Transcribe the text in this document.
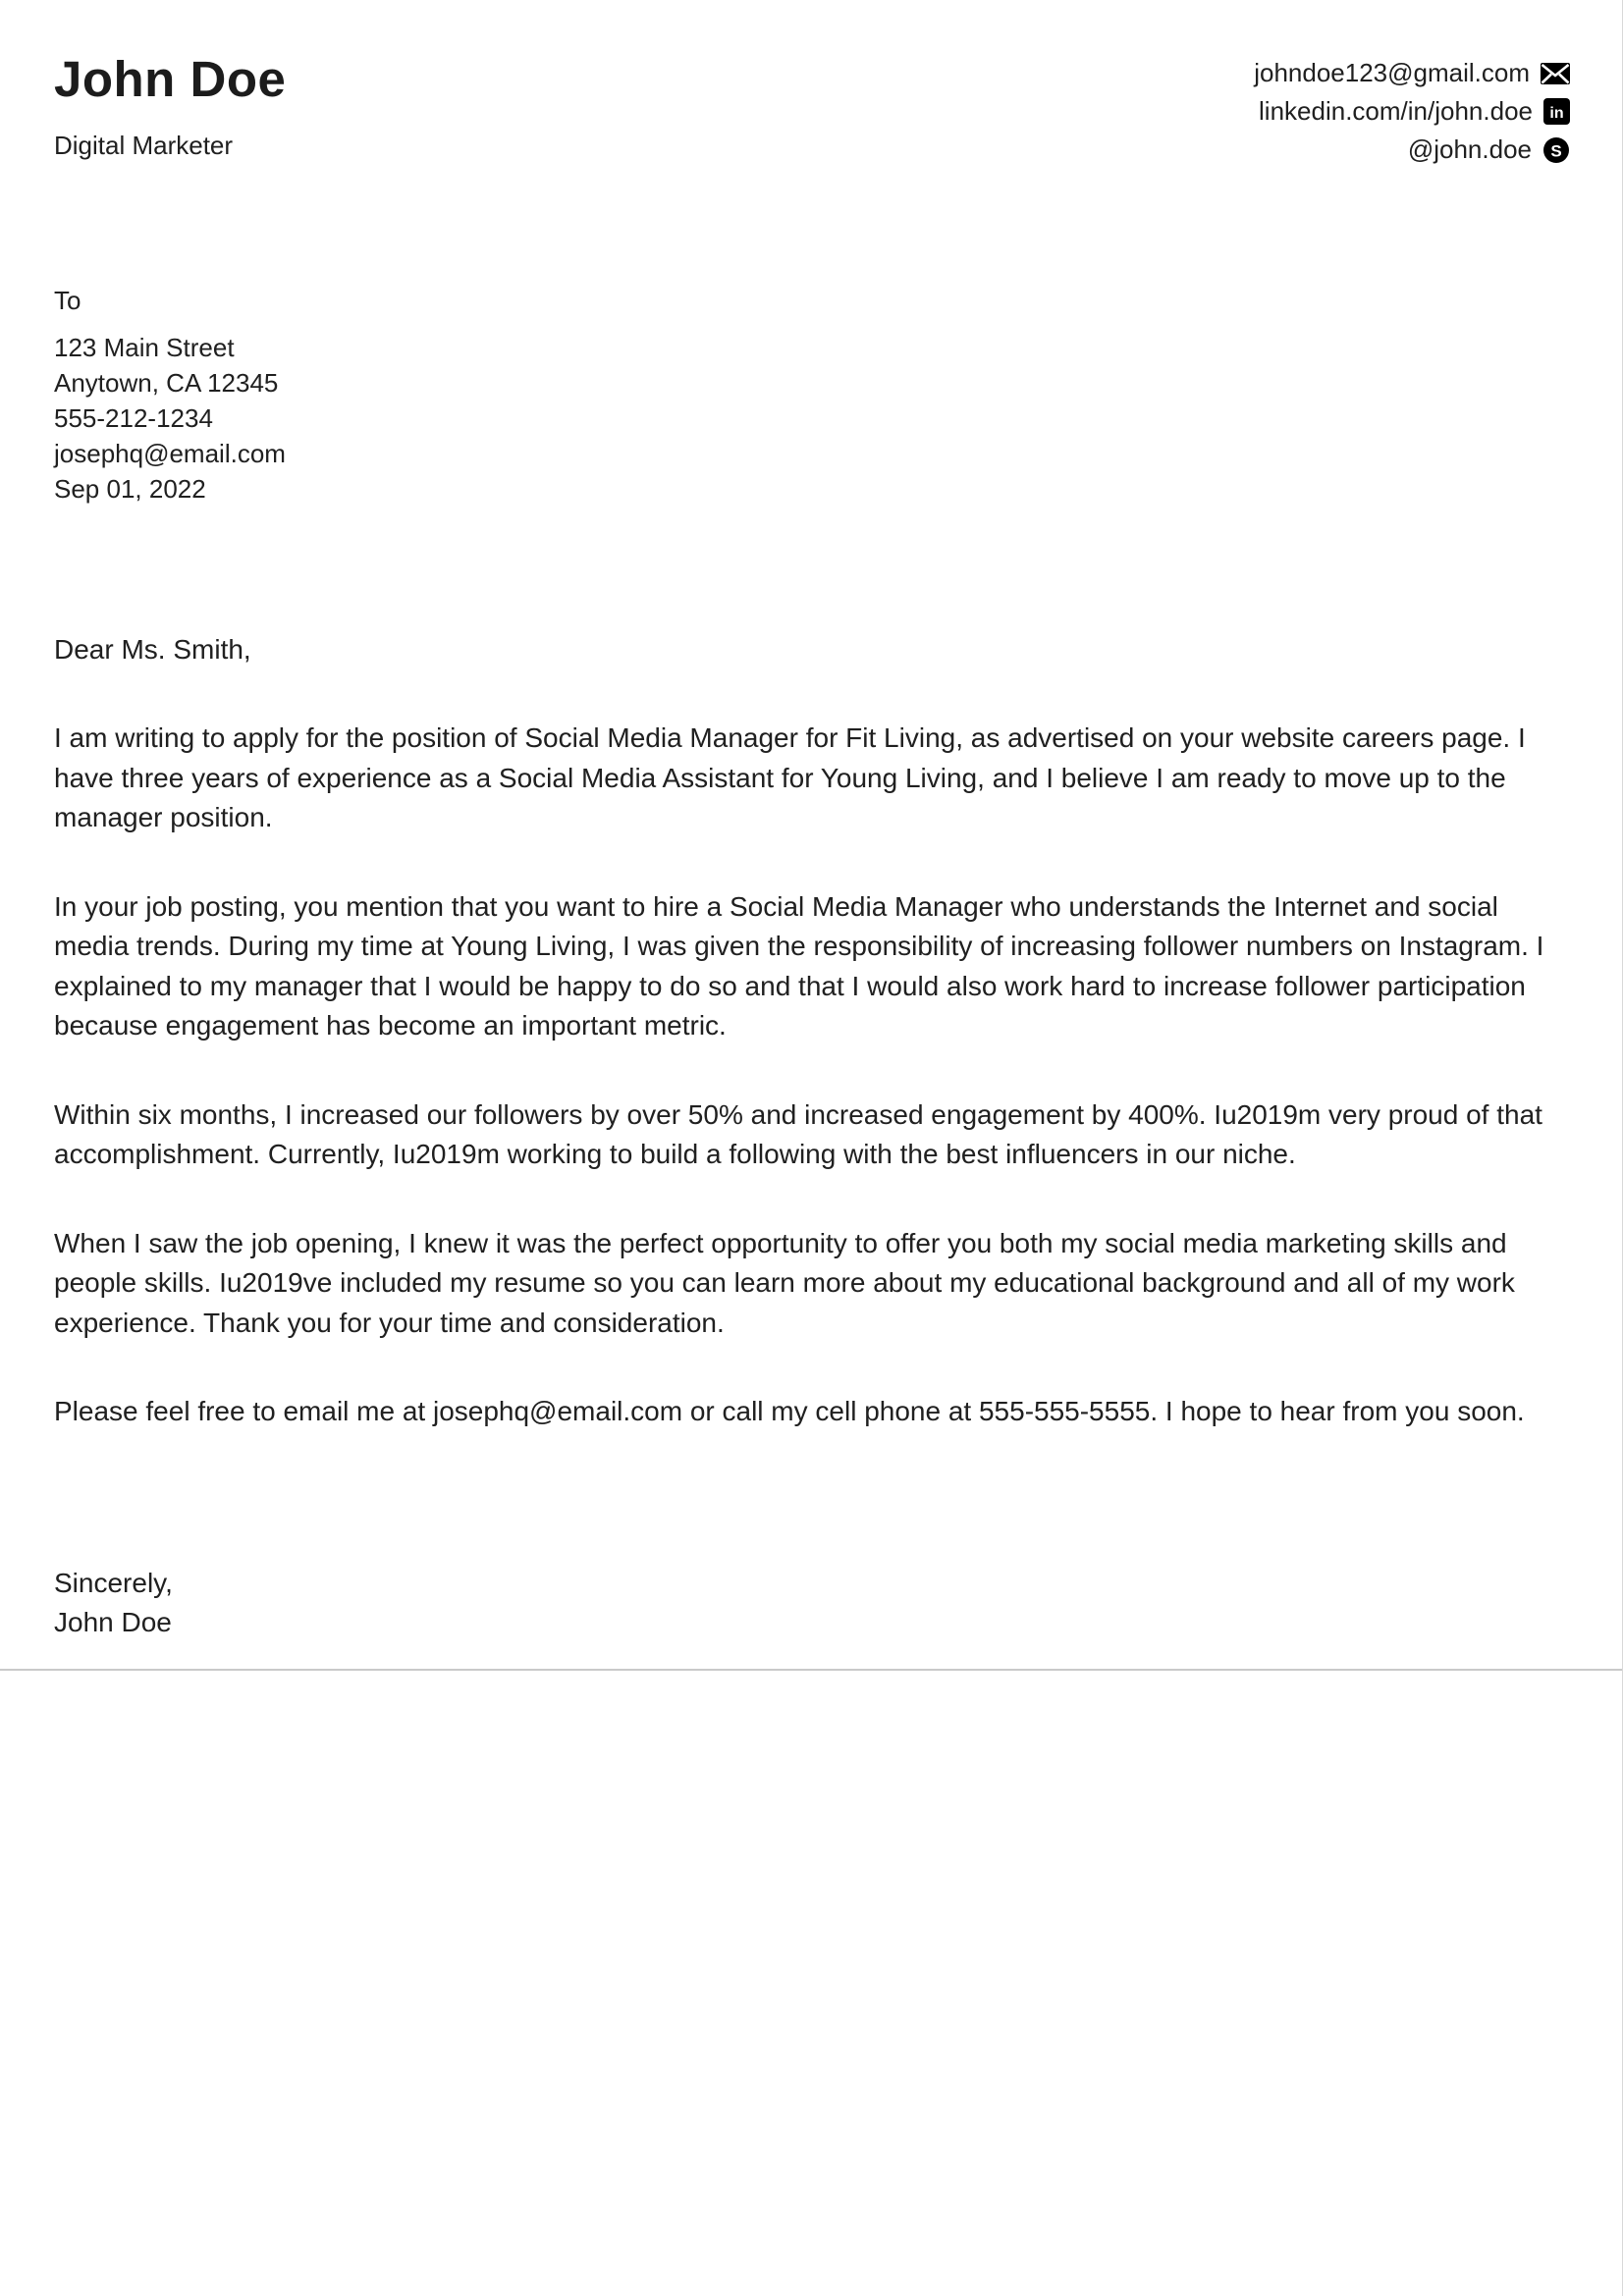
John Doe
Digital Marketer
johndoe123@gmail.com
linkedin.com/in/john.doe in
@john.doe S
To
123 Main Street
Anytown, CA 12345
555-212-1234
josephq@email.com
Sep 01, 2022

Dear Ms. Smith,

I am writing to apply for the position of Social Media Manager for Fit Living, as advertised on your website careers page. I have three years of experience as a Social Media Assistant for Young Living, and I believe I am ready to move up to the manager position.

In your job posting, you mention that you want to hire a Social Media Manager who understands the Internet and social media trends. During my time at Young Living, I was given the responsibility of increasing follower numbers on Instagram. I explained to my manager that I would be happy to do so and that I would also work hard to increase follower participation because engagement has become an important metric.

Within six months, I increased our followers by over 50% and increased engagement by 400%. Iu2019m very proud of that accomplishment. Currently, Iu2019m working to build a following with the best influencers in our niche.

When I saw the job opening, I knew it was the perfect opportunity to offer you both my social media marketing skills and people skills. Iu2019ve included my resume so you can learn more about my educational background and all of my work experience. Thank you for your time and consideration.

Please feel free to email me at josephq@email.com or call my cell phone at 555-555-5555. I hope to hear from you soon.

Sincerely,
John Doe
